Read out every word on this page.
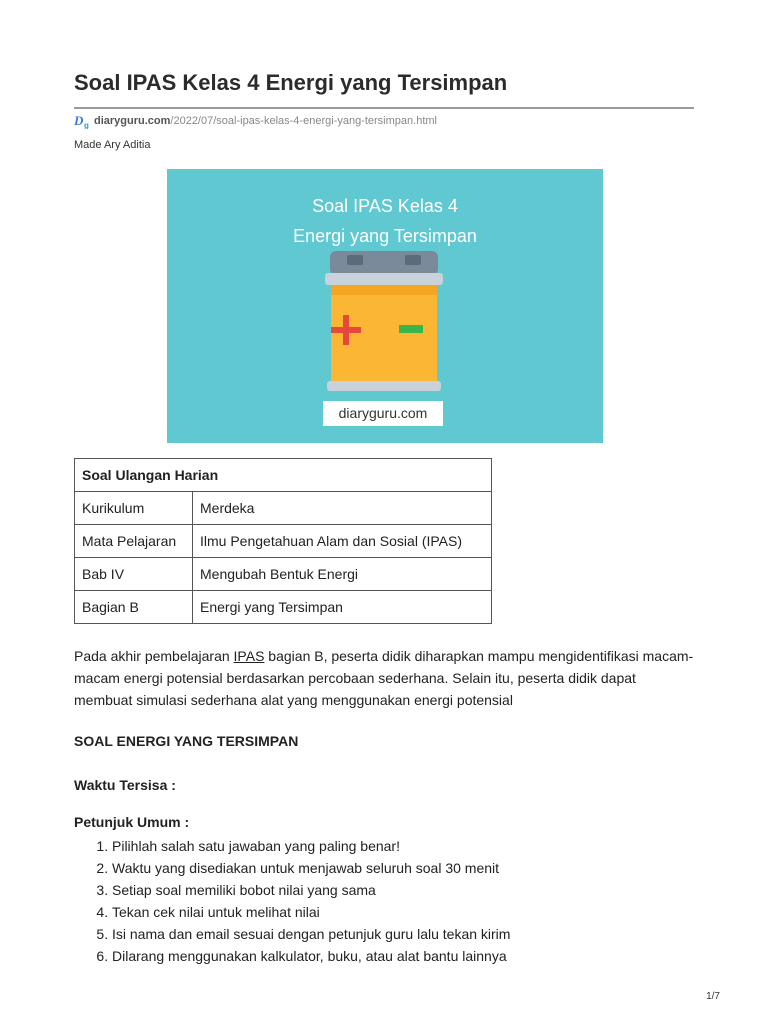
Soal IPAS Kelas 4 Energi yang Tersimpan
D g diaryguru.com /2022/07/soal-ipas-kelas-4-energi-yang-tersimpan.html
Made Ary Aditia
Soal IPAS Kelas 4
Energi yang Tersimpan
diaryguru.com
Soal Ulangan Harian	
Kurikulum	Merdeka
Mata Pelajaran	Ilmu Pengetahuan Alam dan Sosial (IPAS)
Bab IV	Mengubah Bentuk Energi
Bagian B	Energi yang Tersimpan

Pada akhir pembelajaran IPAS bagian B, peserta didik diharapkan mampu mengidentifikasi macam-macam energi potensial berdasarkan percobaan sederhana. Selain itu, peserta didik dapat membuat simulasi sederhana alat yang menggunakan energi potensial

SOAL ENERGI YANG TERSIMPAN
Waktu Tersisa :
Petunjuk Umum :
1. Pilihlah salah satu jawaban yang paling benar!
2. Waktu yang disediakan untuk menjawab seluruh soal 30 menit
3. Setiap soal memiliki bobot nilai yang sama
4. Tekan cek nilai untuk melihat nilai
5. Isi nama dan email sesuai dengan petunjuk guru lalu tekan kirim
6. Dilarang menggunakan kalkulator, buku, atau alat bantu lainnya
1/7
